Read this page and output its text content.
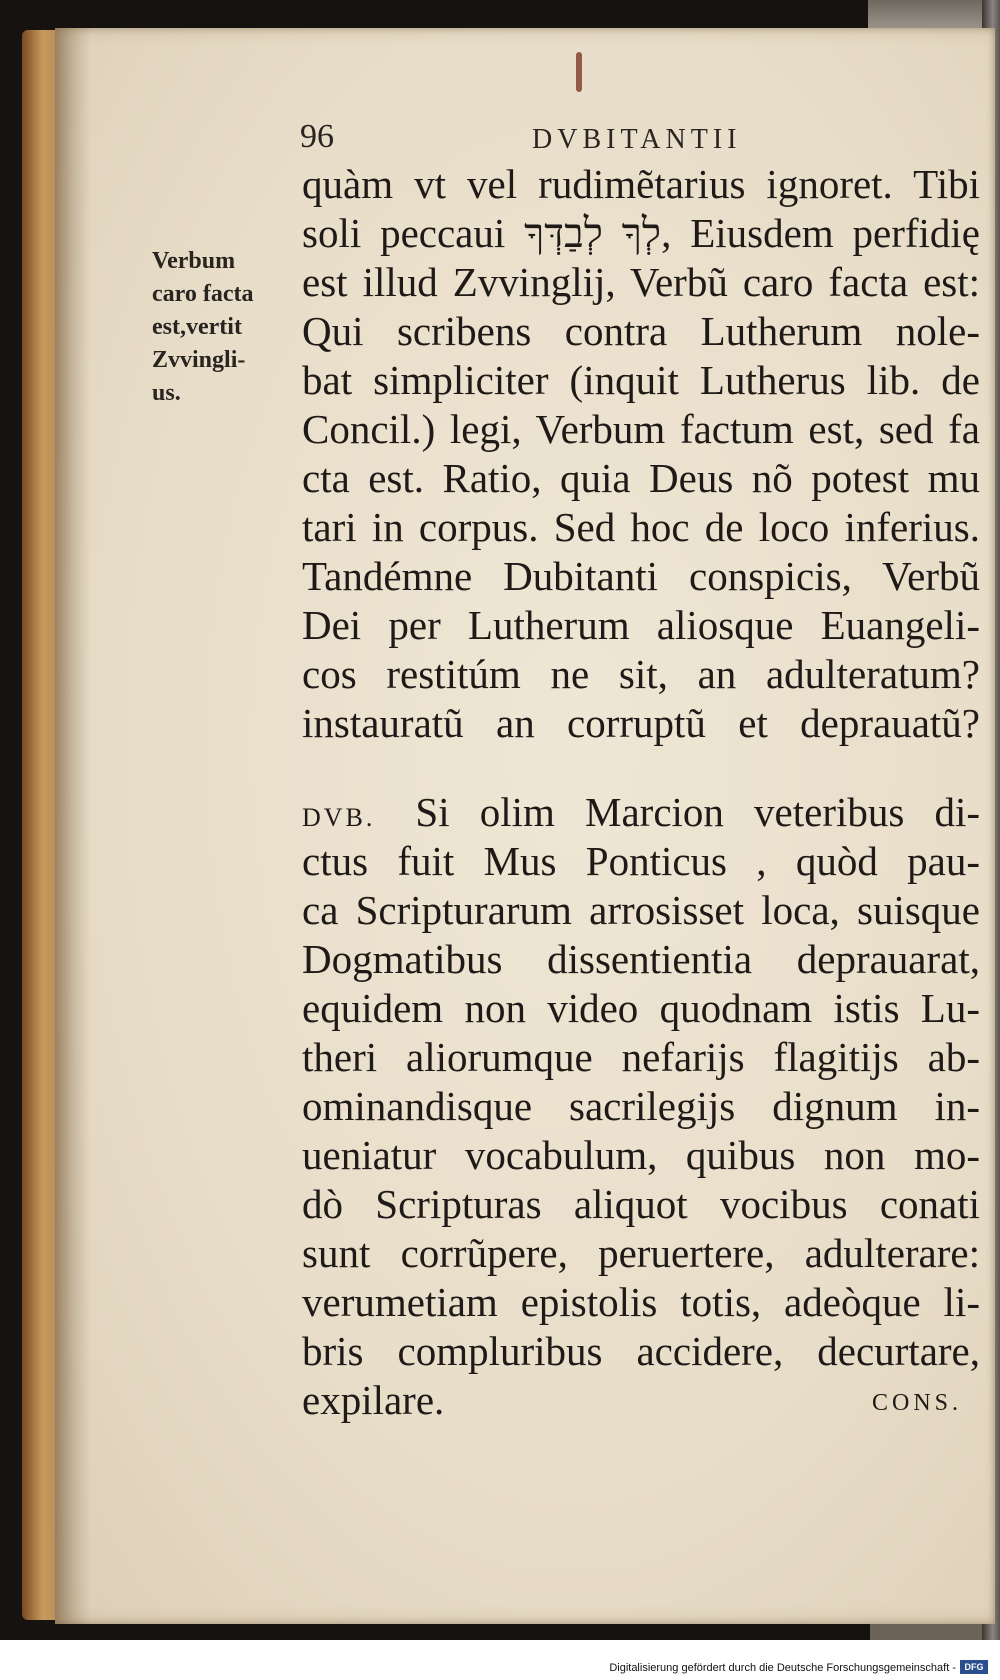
96	DVBITANTII
Verbum
caro facta
est,vertit
Zvvingli-
us.
quàm vt vel rudimẽtarius ignoret. Tibi
soli peccaui לְךָ לְבַדְּךָ, Eiusdem perfidię
est illud Zvvinglij, Verbũ caro facta est:
Qui scribens contra Lutherum nole-
bat simpliciter (inquit Lutherus lib. de
Concil.) legi, Verbum factum est, sed fa
cta est. Ratio, quia Deus nõ potest mu
tari in corpus. Sed hoc de loco inferius.
Tandémne Dubitanti conspicis, Verbũ
Dei per Lutherum aliosque Euangeli-
cos restitúm ne sit, an adulteratum?
instauratũ an corruptũ et deprauatũ?
DVB. Si olim Marcion veteribus di-
ctus fuit Mus Ponticus , quòd pau-
ca Scripturarum arrosisset loca, suisque
Dogmatibus dissentientia deprauarat,
equidem non video quodnam istis Lu-
theri aliorumque nefarijs flagitijs ab-
ominandisque sacrilegijs dignum in-
ueniatur vocabulum, quibus non mo-
dò Scripturas aliquot vocibus conati
sunt corrũpere, peruertere, adulterare:
verumetiam epistolis totis, adeòque li-
bris compluribus accidere, decurtare,
expilare.	CONS.
Digitalisierung gefördert durch die Deutsche Forschungsgemeinschaft - DFG
